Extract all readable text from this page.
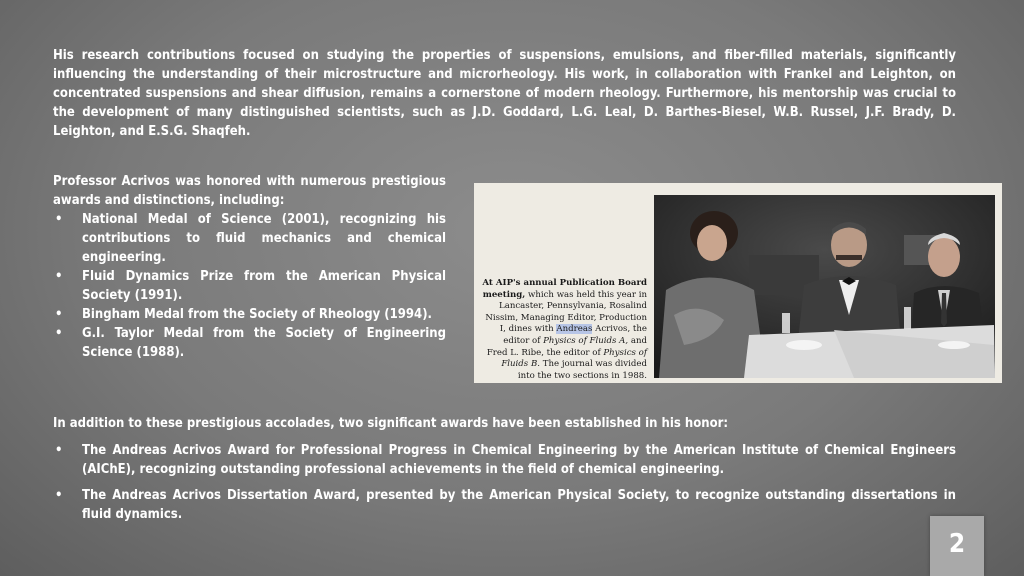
His research contributions focused on studying the properties of suspensions, emulsions, and fiber-filled materials, significantly influencing the understanding of their microstructure and microrheology. His work, in collaboration with Frankel and Leighton, on concentrated suspensions and shear diffusion, remains a cornerstone of modern rheology. Furthermore, his mentorship was crucial to the development of many distinguished scientists, such as J.D. Goddard, L.G. Leal, D. Barthes-Biesel, W.B. Russel, J.F. Brady, D. Leighton, and E.S.G. Shaqfeh.

Professor Acrivos was honored with numerous prestigious awards and distinctions, including:

• National Medal of Science (2001), recognizing his contributions to fluid mechanics and chemical engineering.
• Fluid Dynamics Prize from the American Physical Society (1991).
• Bingham Medal from the Society of Rheology (1994).
• G.I. Taylor Medal from the Society of Engineering Science (1988).
At AIP's annual Publication Board meeting, which was held this year in Lancaster, Pennsylvania, Rosalind Nissim, Managing Editor, Production I, dines with Andreas Acrivos, the editor of Physics of Fluids A, and Fred L. Ribe, the editor of Physics of Fluids B. The journal was divided into the two sections in 1988.

In addition to these prestigious accolades, two significant awards have been established in his honor:

• The Andreas Acrivos Award for Professional Progress in Chemical Engineering by the American Institute of Chemical Engineers (AIChE), recognizing outstanding professional achievements in the field of chemical engineering.
• The Andreas Acrivos Dissertation Award, presented by the American Physical Society, to recognize outstanding dissertations in fluid dynamics.
2
